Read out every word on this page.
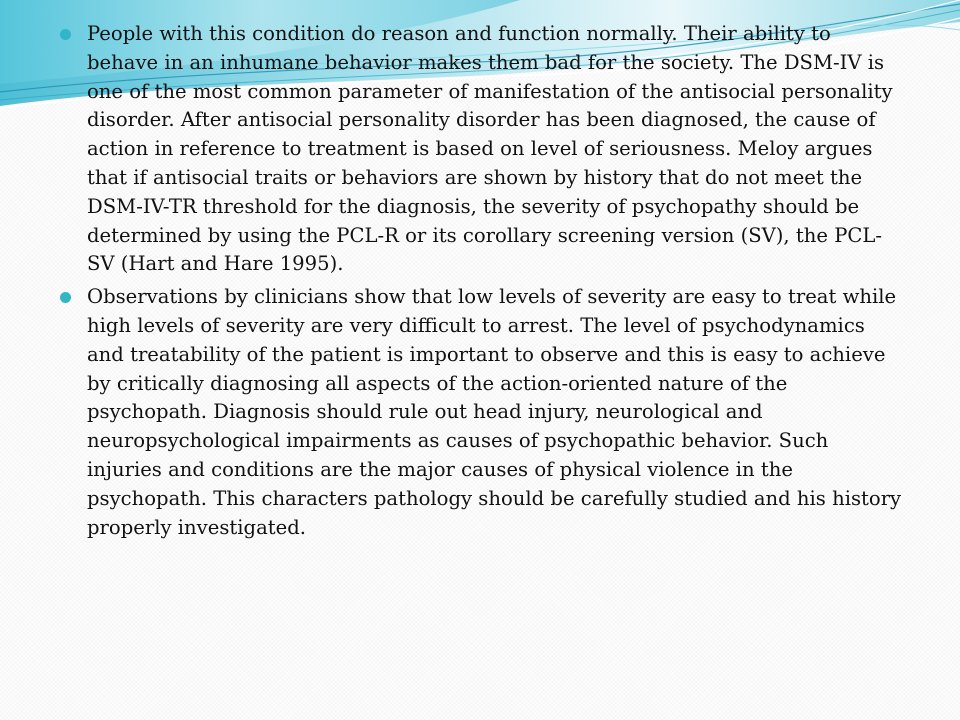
People with this condition do reason and function normally. Their ability to behave in an inhumane behavior makes them bad for the society. The DSM-IV is one of the most common parameter of manifestation of the antisocial personality disorder. After antisocial personality disorder has been diagnosed, the cause of action in reference to treatment is based on level of seriousness. Meloy argues that if antisocial traits or behaviors are shown by history that do not meet the DSM-IV-TR threshold for the diagnosis, the severity of psychopathy should be determined by using the PCL-R or its corollary screening version (SV), the PCL-SV (Hart and Hare 1995).
Observations by clinicians show that low levels of severity are easy to treat while high levels of severity are very difficult to arrest. The level of psychodynamics and treatability of the patient is important to observe and this is easy to achieve by critically diagnosing all aspects of the action-oriented nature of the psychopath. Diagnosis should rule out head injury, neurological and neuropsychological impairments as causes of psychopathic behavior. Such injuries and conditions are the major causes of physical violence in the psychopath. This characters pathology should be carefully studied and his history properly investigated.
